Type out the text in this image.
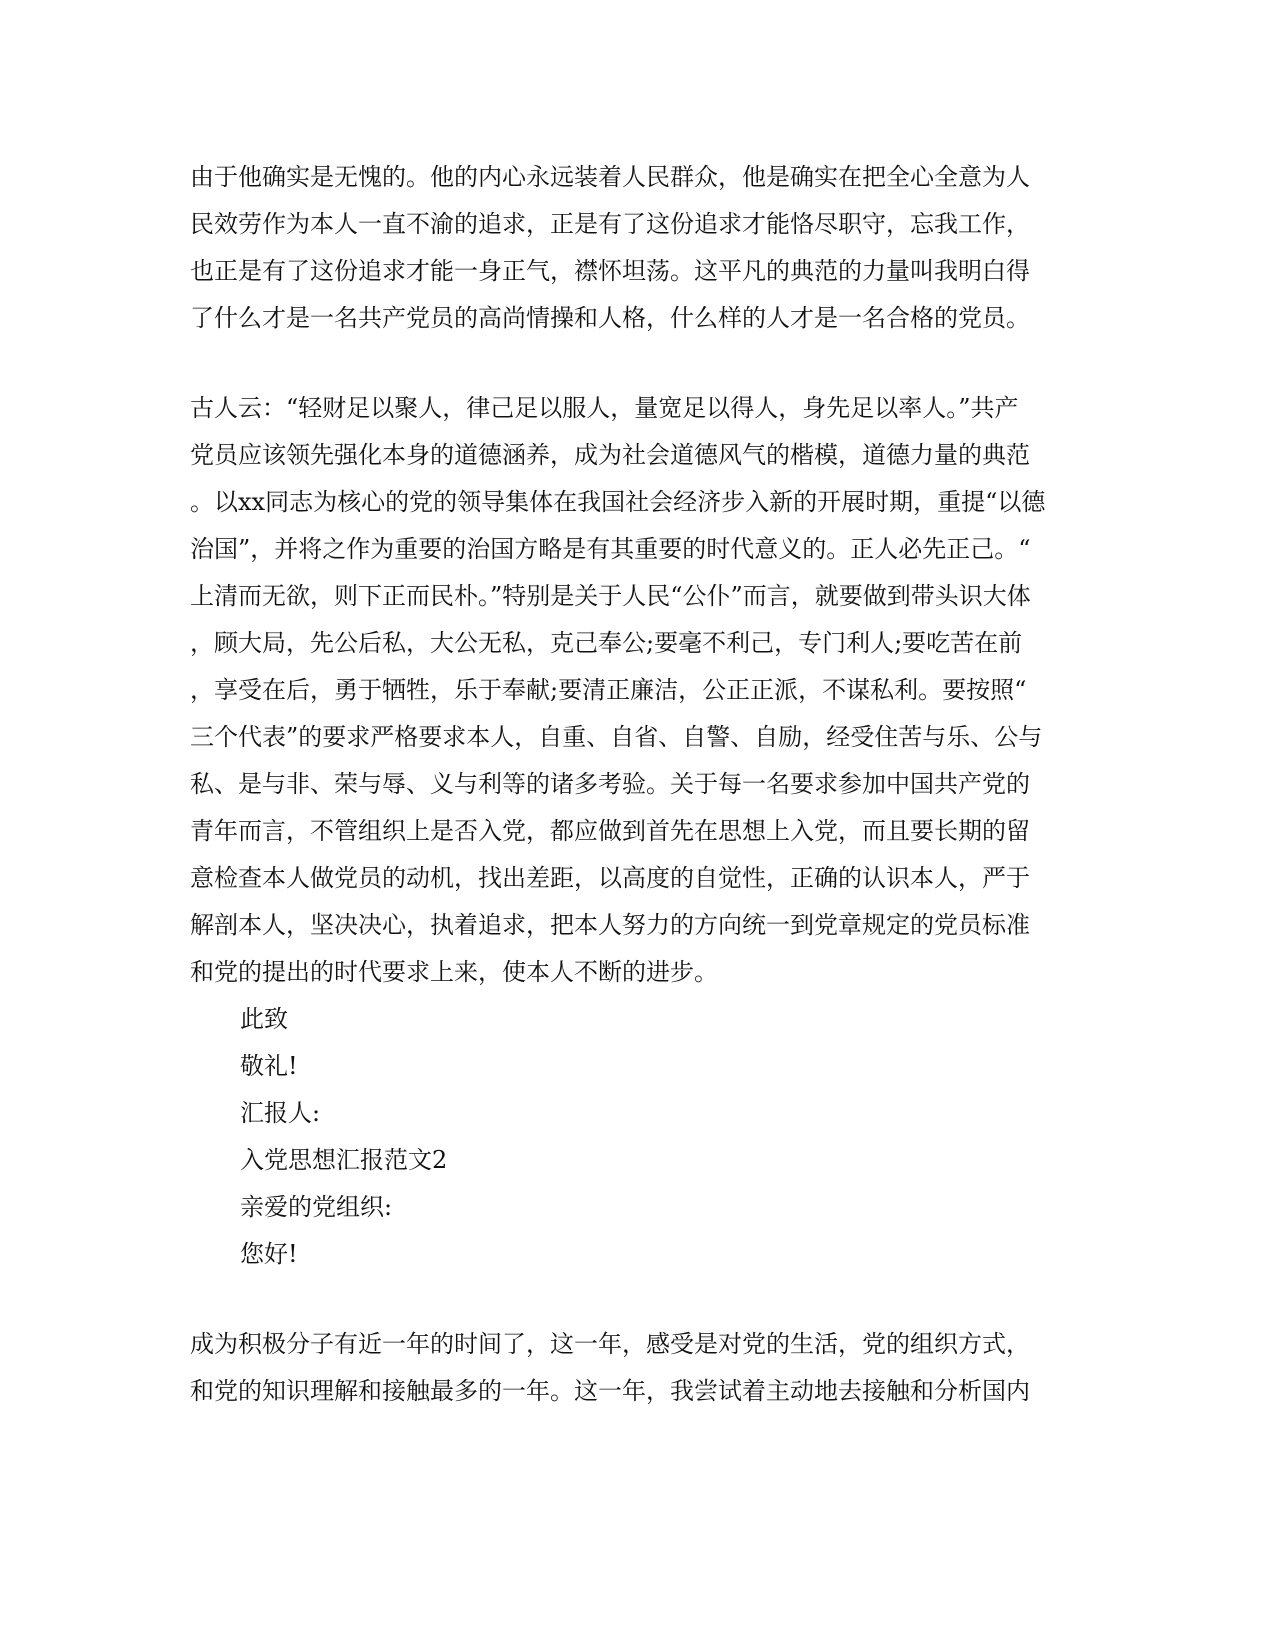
由于他确实是无愧的。他的内心永远装着人民群众，他是确实在把全心全意为人
民效劳作为本人一直不渝的追求，正是有了这份追求才能恪尽职守，忘我工作，
也正是有了这份追求才能一身正气，襟怀坦荡。这平凡的典范的力量叫我明白得
了什么才是一名共产党员的高尚情操和人格，什么样的人才是一名合格的党员。
古人云：“轻财足以聚人，律己足以服人，量宽足以得人，身先足以率人。”共产
党员应该领先强化本身的道德涵养，成为社会道德风气的楷模，道德力量的典范
。以xx同志为核心的党的领导集体在我国社会经济步入新的开展时期，重提“以德
治国”，并将之作为重要的治国方略是有其重要的时代意义的。正人必先正己。“
上清而无欲，则下正而民朴。”特别是关于人民“公仆”而言，就要做到带头识大体
，顾大局，先公后私，大公无私，克己奉公;要毫不利己，专门利人;要吃苦在前
，享受在后，勇于牺牲，乐于奉献;要清正廉洁，公正正派，不谋私利。要按照“
三个代表”的要求严格要求本人，自重、自省、自警、自励，经受住苦与乐、公与
私、是与非、荣与辱、义与利等的诸多考验。关于每一名要求参加中国共产党的
青年而言，不管组织上是否入党，都应做到首先在思想上入党，而且要长期的留
意检查本人做党员的动机，找出差距，以高度的自觉性，正确的认识本人，严于
解剖本人，坚决决心，执着追求，把本人努力的方向统一到党章规定的党员标准
和党的提出的时代要求上来，使本人不断的进步。
此致
敬礼!
汇报人:
入党思想汇报范文2
亲爱的党组织:
您好!
成为积极分子有近一年的时间了，这一年，感受是对党的生活，党的组织方式，
和党的知识理解和接触最多的一年。这一年，我尝试着主动地去接触和分析国内
